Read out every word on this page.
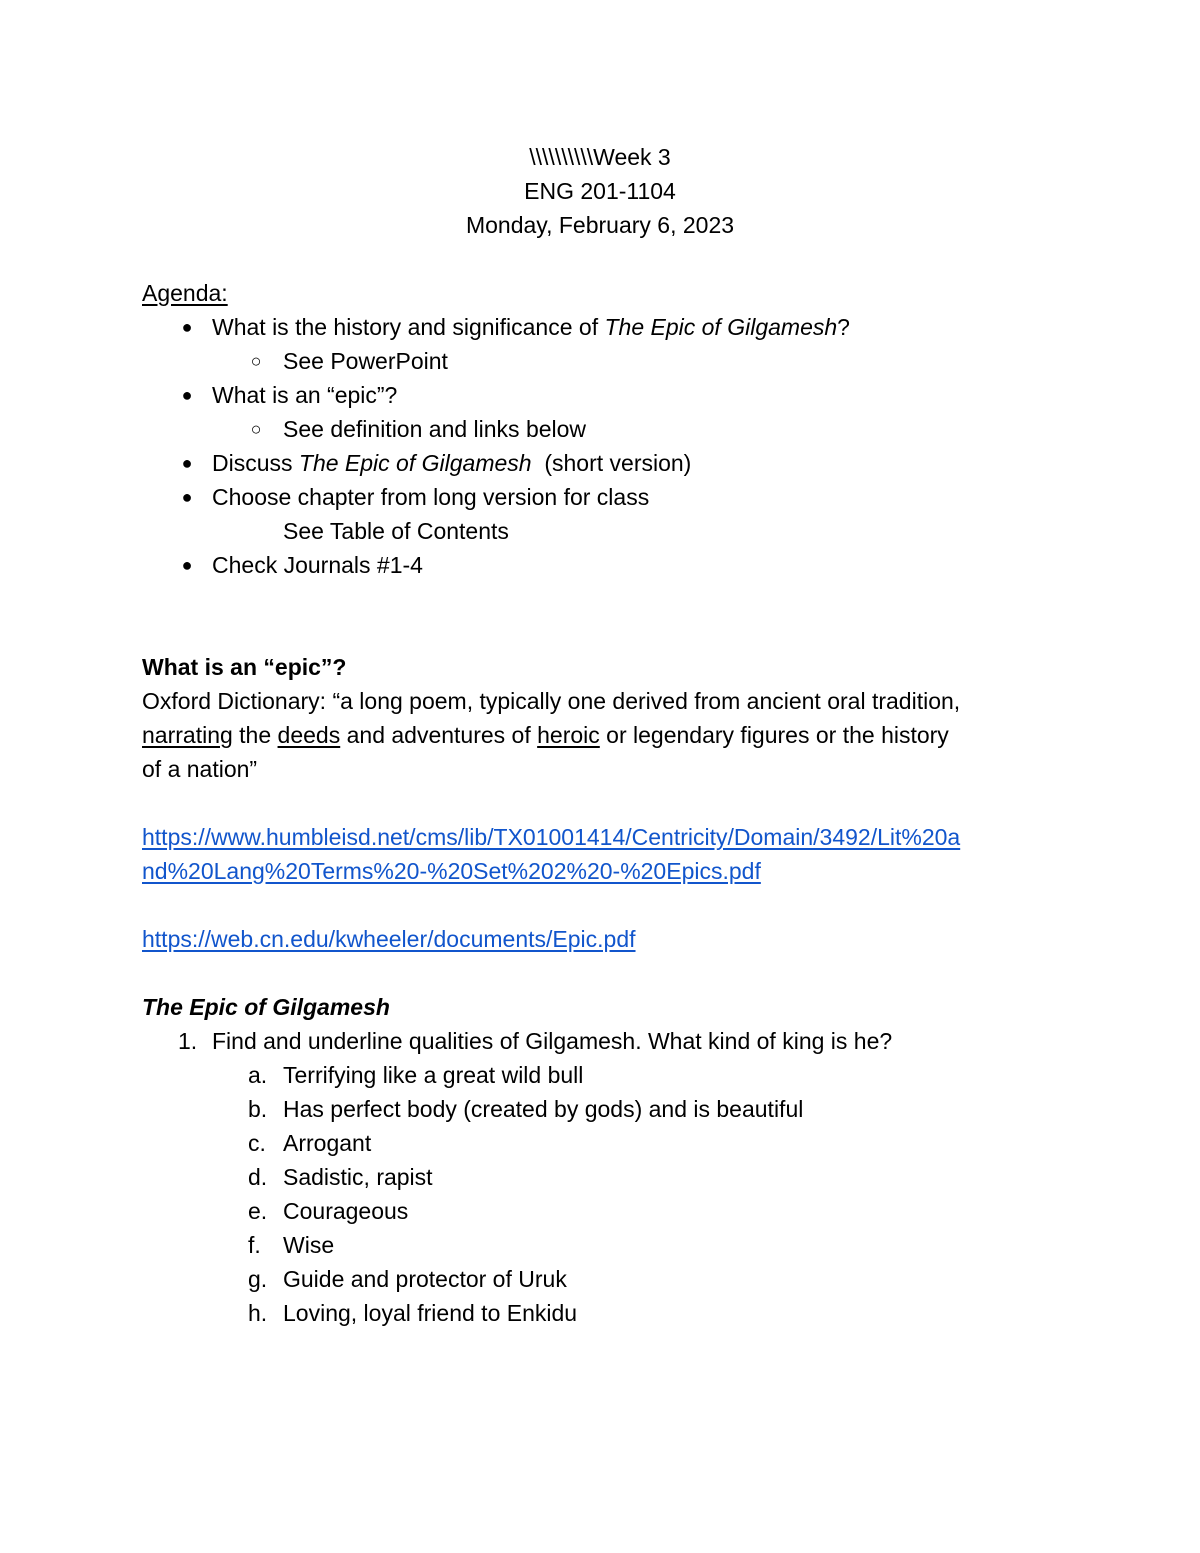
\\\\\\\\\\Week 3
ENG 201-1104
Monday, February 6, 2023
Agenda:
● What is the history and significance of The Epic of Gilgamesh?
○ See PowerPoint
● What is an “epic”?
○ See definition and links below
● Discuss The Epic of Gilgamesh  (short version)
● Choose chapter from long version for class
See Table of Contents
● Check Journals #1-4
What is an “epic”?
Oxford Dictionary: “a long poem, typically one derived from ancient oral tradition,
narrating the deeds and adventures of heroic or legendary figures or the history
of a nation”
https://www.humbleisd.net/cms/lib/TX01001414/Centricity/Domain/3492/Lit%20a
nd%20Lang%20Terms%20-%20Set%202%20-%20Epics.pdf
https://web.cn.edu/kwheeler/documents/Epic.pdf
The Epic of Gilgamesh
1. Find and underline qualities of Gilgamesh. What kind of king is he?
a. Terrifying like a great wild bull
b. Has perfect body (created by gods) and is beautiful
c. Arrogant
d. Sadistic, rapist
e. Courageous
f. Wise
g. Guide and protector of Uruk
h. Loving, loyal friend to Enkidu
